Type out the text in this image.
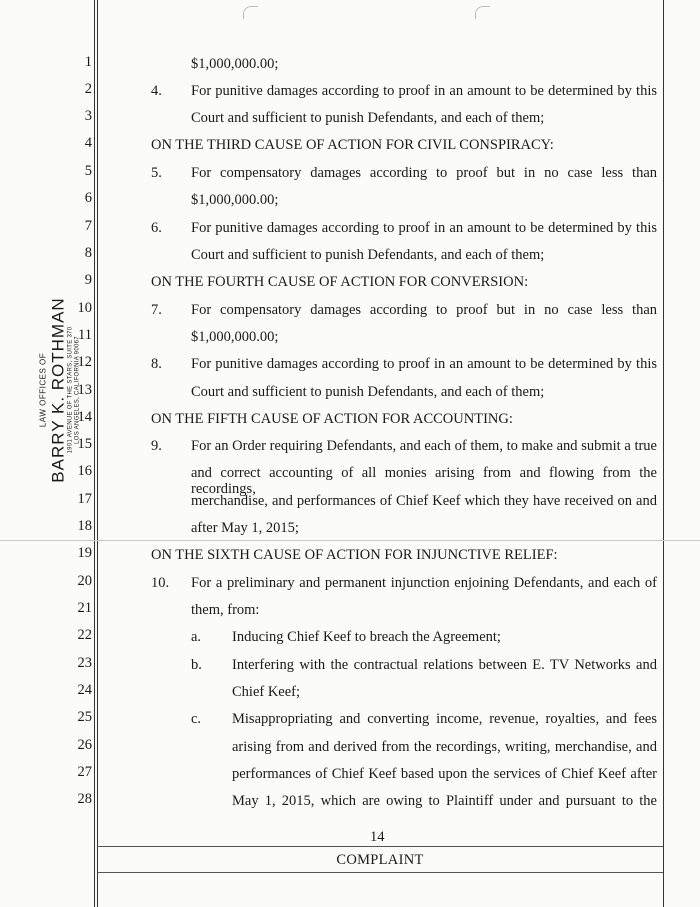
1
2
3
4
5
6
7
8
9
10
11
12
13
14
15
16
17
18
19
20
21
22
23
24
25
26
27
28
LAW OFFICES OF BARRY K. ROTHMAN 1901 AVENUE OF THE STARS, SUITE 370 LOS ANGELES, CALIFORNIA 90067
$1,000,000.00;
4. For punitive damages according to proof in an amount to be determined by this
Court and sufficient to punish Defendants, and each of them;
ON THE THIRD CAUSE OF ACTION FOR CIVIL CONSPIRACY:
5. For compensatory damages according to proof but in no case less than
$1,000,000.00;
6. For punitive damages according to proof in an amount to be determined by this
Court and sufficient to punish Defendants, and each of them;
ON THE FOURTH CAUSE OF ACTION FOR CONVERSION:
7. For compensatory damages according to proof but in no case less than
$1,000,000.00;
8. For punitive damages according to proof in an amount to be determined by this
Court and sufficient to punish Defendants, and each of them;
ON THE FIFTH CAUSE OF ACTION FOR ACCOUNTING:
9. For an Order requiring Defendants, and each of them, to make and submit a true
and correct accounting of all monies arising from and flowing from the recordings,
merchandise, and performances of Chief Keef which they have received on and
after May 1, 2015;
ON THE SIXTH CAUSE OF ACTION FOR INJUNCTIVE RELIEF:
10. For a preliminary and permanent injunction enjoining Defendants, and each of
them, from:
a. Inducing Chief Keef to breach the Agreement;
b. Interfering with the contractual relations between E. TV Networks and
Chief Keef;
c. Misappropriating and converting income, revenue, royalties, and fees
arising from and derived from the recordings, writing, merchandise, and
performances of Chief Keef based upon the services of Chief Keef after
May 1, 2015, which are owing to Plaintiff under and pursuant to the
14
COMPLAINT
